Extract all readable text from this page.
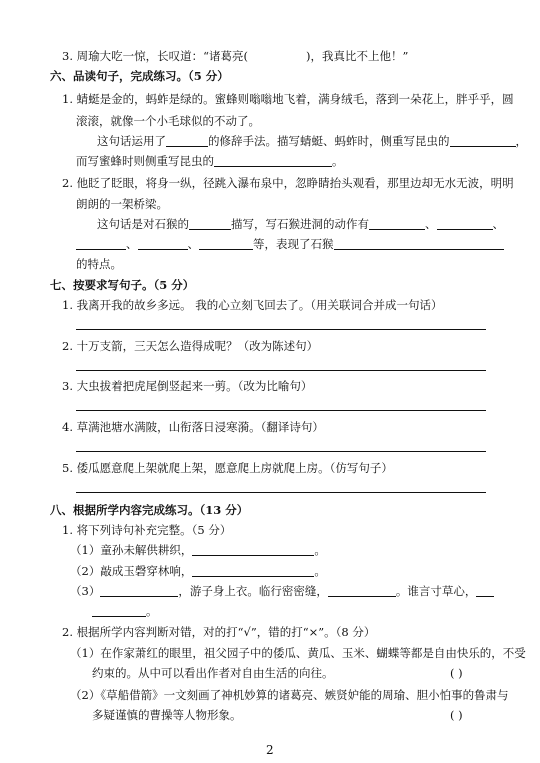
3. 周瑜大吃一惊，长叹道：“诸葛亮(	)，我真比不上他！”
六、品读句子，完成练习。（5 分）
1. 蜻蜓是金的，蚂蚱是绿的。蜜蜂则嗡嗡地飞着，满身绒毛，落到一朵花上，胖乎乎，圆
滚滚，就像一个小毛球似的不动了。
这句话运用了	的修辞手法。描写蜻蜓、蚂蚱时，侧重写昆虫的	，
而写蜜蜂时则侧重写昆虫的	。
2. 他眨了眨眼，将身一纵，径跳入瀑布泉中，忽睁睛抬头观看，那里边却无水无波，明明
朗朗的一架桥梁。
这句话是对石猴的	描写，写石猴进洞的动作有	、	、
、	、	等，表现了石猴
的特点。
七、按要求写句子。（5 分）
1. 我离开我的故乡多远。 我的心立刻飞回去了。（用关联词合并成一句话）
2. 十万支箭，三天怎么造得成呢？（改为陈述句）
3. 大虫拔着把虎尾倒竖起来一剪。（改为比喻句）
4. 草满池塘水满陂，山衔落日浸寒漪。（翻译诗句）
5. 倭瓜愿意爬上架就爬上架，愿意爬上房就爬上房。（仿写句子）
八、根据所学内容完成练习。（13 分）
1. 将下列诗句补充完整。（5 分）
（1）童孙未解供耕织，	。
（2）敲成玉磬穿林响，	。
（3）	，游子身上衣。临行密密缝，	。谁言寸草心，
。
2. 根据所学内容判断对错，对的打“√”，错的打“×”。（8 分）
（1）在作家萧红的眼里，祖父园子中的倭瓜、黄瓜、玉米、蝴蝶等都是自由快乐的，不受
约束的。从中可以看出作者对自由生活的向往。	( )
（2）《草船借箭》一文刻画了神机妙算的诸葛亮、嫉贤妒能的周瑜、胆小怕事的鲁肃与
多疑谨慎的曹操等人物形象。	( )
2
